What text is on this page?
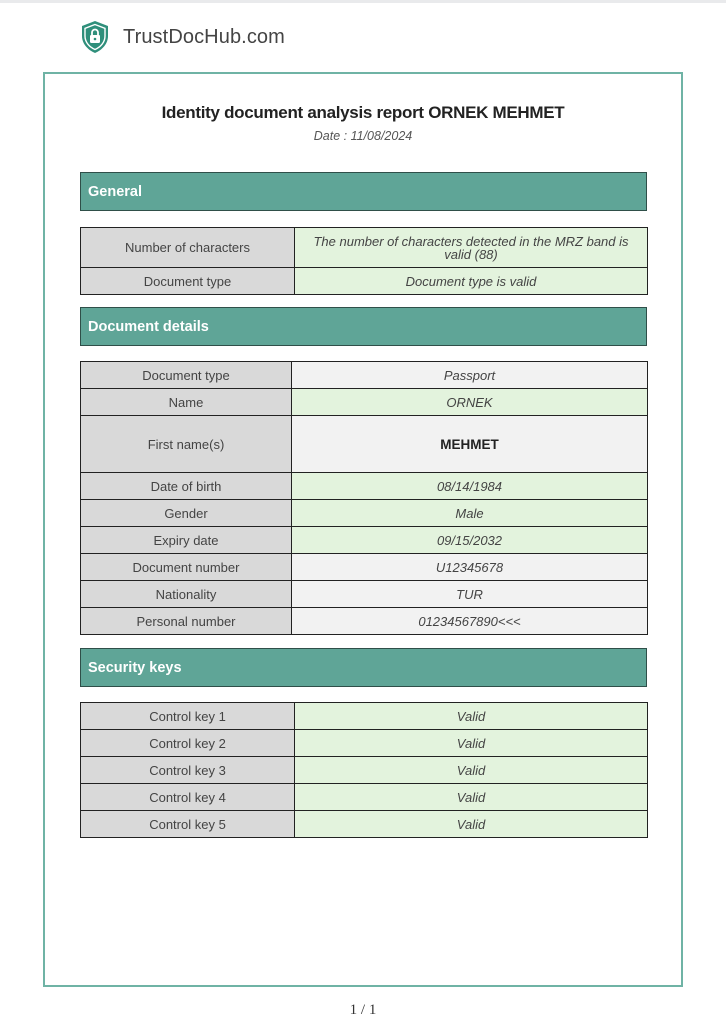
TrustDocHub.com
Identity document analysis report ORNEK MEHMET
Date : 11/08/2024
General
Number of characters	The number of characters detected in the MRZ band is valid (88)
Document type	Document type is valid
Document details
Document type	Passport
Name	ORNEK
First name(s)	MEHMET
Date of birth	08/14/1984
Gender	Male
Expiry date	09/15/2032
Document number	U12345678
Nationality	TUR
Personal number	01234567890<<<
Security keys
Control key 1	Valid
Control key 2	Valid
Control key 3	Valid
Control key 4	Valid
Control key 5	Valid
1 / 1
